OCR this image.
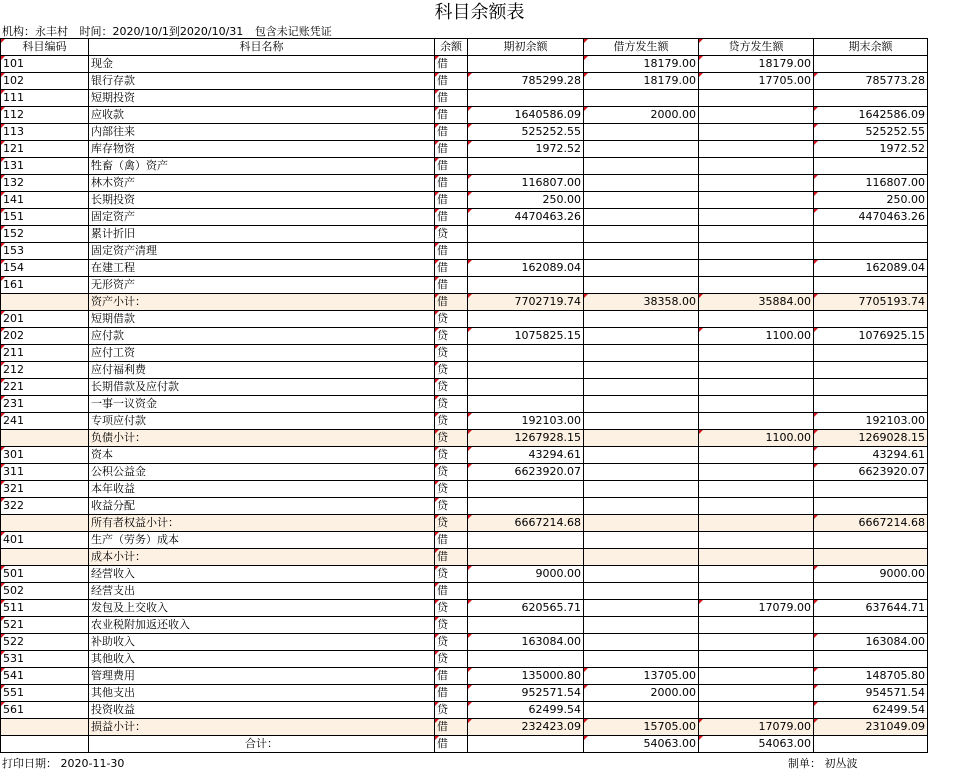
科目余额表
机构：永丰村 时间：2020/10/1到2020/10/31 包含未记账凭证
科目编码	科目名称	余额	期初余额	借方发生额	贷方发生额	期末余额
101	现金	借		18179.00	18179.00	
102	银行存款	借	785299.28	18179.00	17705.00	785773.28
111	短期投资	借				
112	应收款	借	1640586.09	2000.00		1642586.09
113	内部往来	借	525252.55			525252.55
121	库存物资	借	1972.52			1972.52
131	牲畜（禽）资产	借				
132	林木资产	借	116807.00			116807.00
141	长期投资	借	250.00			250.00
151	固定资产	借	4470463.26			4470463.26
152	累计折旧	贷				
153	固定资产清理	借				
154	在建工程	借	162089.04			162089.04
161	无形资产	借				
	资产小计：	借	7702719.74	38358.00	35884.00	7705193.74
201	短期借款	贷				
202	应付款	贷	1075825.15		1100.00	1076925.15
211	应付工资	贷				
212	应付福利费	贷				
221	长期借款及应付款	贷				
231	一事一议资金	贷				
241	专项应付款	贷	192103.00			192103.00
	负债小计：	贷	1267928.15		1100.00	1269028.15
301	资本	贷	43294.61			43294.61
311	公积公益金	贷	6623920.07			6623920.07
321	本年收益	贷				
322	收益分配	贷				
	所有者权益小计：	贷	6667214.68			6667214.68
401	生产（劳务）成本	借				
	成本小计：	借				
501	经营收入	贷	9000.00			9000.00
502	经营支出	借				
511	发包及上交收入	贷	620565.71		17079.00	637644.71
521	农业税附加返还收入	贷				
522	补助收入	贷	163084.00			163084.00
531	其他收入	贷				
541	管理费用	借	135000.80	13705.00		148705.80
551	其他支出	借	952571.54	2000.00		954571.54
561	投资收益	贷	62499.54			62499.54
	损益小计：	借	232423.09	15705.00	17079.00	231049.09
	合计：	借		54063.00	54063.00	
打印日期： 2020-11-30	制单： 初丛波
